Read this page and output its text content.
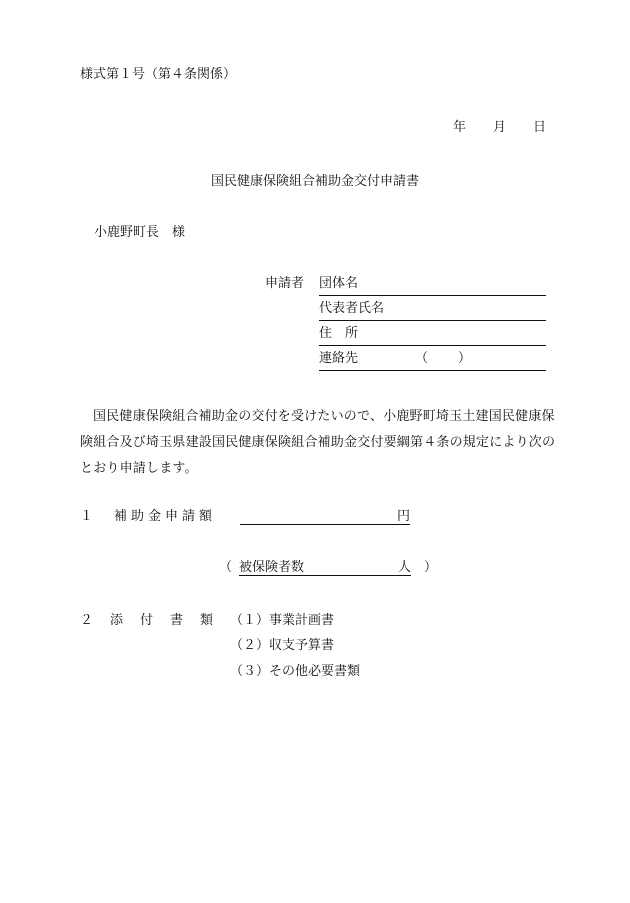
様式第１号（第４条関係）
年 月 日
国民健康保険組合補助金交付申請書
小鹿野町長　様
申請者 団体名
代表者氏名
住　所
連絡先	（ ）
国民健康保険組合補助金の交付を受けたいので、小鹿野町埼玉土建国民健康保険組合及び埼玉県建設国民健康保険組合補助金交付要綱第４条の規定により次のとおり申請します。
１　補助金申請額	円
（ 被保険者数	人 ）
２　添　付　書　類 （１）事業計画書
（２）収支予算書
（３）その他必要書類
